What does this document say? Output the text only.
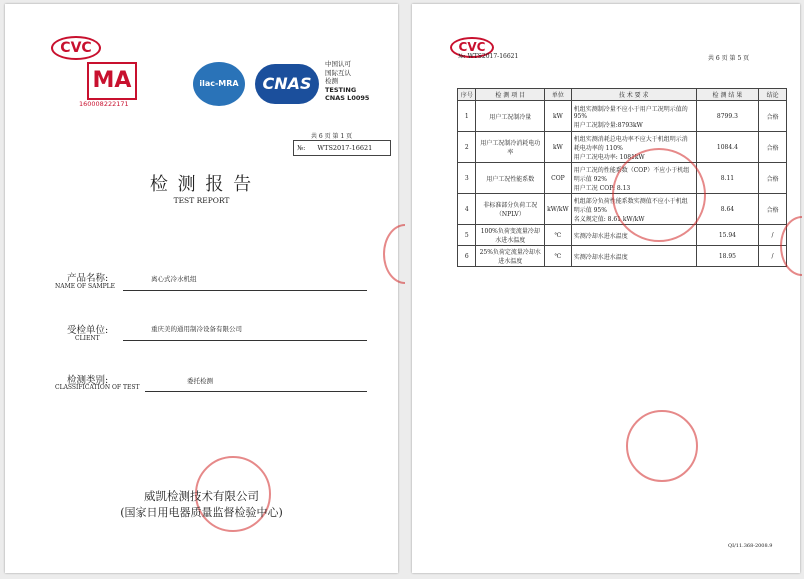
CVC
MA
160008222171
ilac-MRA	CNAS
中国认可
国际互认
检测
TESTING
CNAS L0095
共 6 页 第 1 页
№: WTS2017-16621
检 测 报 告
TEST REPORT
产品名称:
NAME OF SAMPLE
离心式冷水机组
受检单位:
CLIENT
重庆美的通用制冷设备有限公司
检测类别:
CLASSIFICATION OF TEST
委托检测
威凯检测技术有限公司
(国家日用电器质量监督检验中心)
CVC
№: WTS2017-16621	共 6 页 第 5 页
序号	检 测 项 目	单位	技 术 要 求	检 测 结 果	结论
1	用户工况制冷量	kW	机组实测制冷量不应小于用户工况明示值的 95%
用户工况制冷量:8793kW	8799.3	合格
2	用户工况制冷消耗电功率	kW	机组实测消耗总电功率不应大于机组明示消耗电功率的 110%
用户工况电功率: 1081kW	1084.4	合格
3	用户工况性能系数	COP	用户工况的性能系数（COP）不应小于机组明示值 92%
用户工况 COP: 8.13	8.11	合格
4	非标准部分负荷工况（NPLV）	kW/kW	机组部分负荷性能系数实测值不应小于机组明示值 95%
名义规定值: 8.61 kW/kW	8.64	合格
5	100%负荷变流量冷却水进水温度	℃	实测冷却水进水温度	15.94	/
6	25%负荷定流量冷却水进水温度	℃	实测冷却水进水温度	18.95	/
QI/11.368-2008.9
